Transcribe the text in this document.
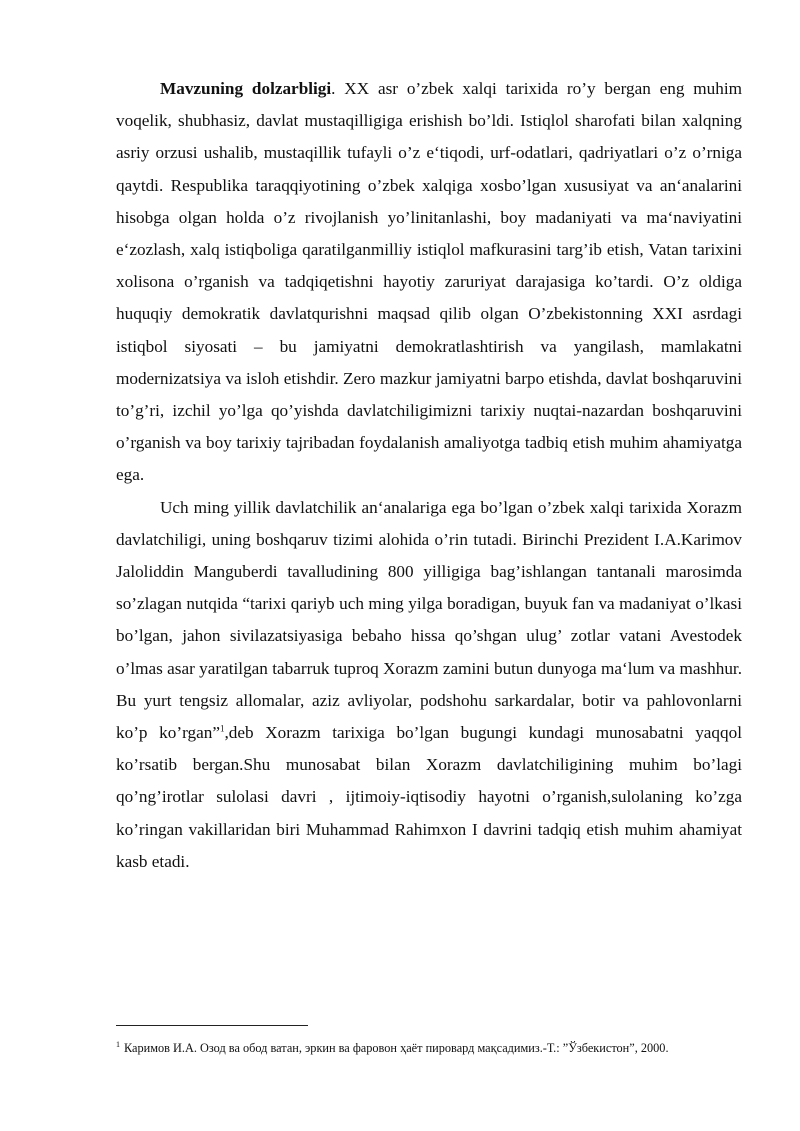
Mavzuning dolzarbligi. XX asr o’zbek xalqi tarixida ro’y bergan eng muhim voqelik, shubhasiz, davlat mustaqilligiga erishish bo’ldi. Istiqlol sharofati bilan xalqning asriy orzusi ushalib, mustaqillik tufayli o’z e‘tiqodi, urf-odatlari, qadriyatlari o’z o’rniga qaytdi. Respublika taraqqiyotining o’zbek xalqiga xosbo’lgan xususiyat va an‘analarini hisobga olgan holda o’z rivojlanish yo’linitanlashi, boy madaniyati va ma‘naviyatini e‘zozlash, xalq istiqboliga qaratilganmilliy istiqlol mafkurasini targ’ib etish, Vatan tarixini xolisona o’rganish va tadqiqetishni hayotiy zaruriyat darajasiga ko’tardi. O’z oldiga huquqiy demokratik davlatqurishni maqsad qilib olgan O’zbekistonning XXI asrdagi istiqbol siyosati – bu jamiyatni demokratlashtirish va yangilash, mamlakatni modernizatsiya va isloh etishdir. Zero mazkur jamiyatni barpo etishda, davlat boshqaruvini to’g’ri, izchil yo’lga qo’yishda davlatchiligimizni tarixiy nuqtai-nazardan boshqaruvini o’rganish va boy tarixiy tajribadan foydalanish amaliyotga tadbiq etish muhim ahamiyatga ega.

Uch ming yillik davlatchilik an‘analariga ega bo’lgan o’zbek xalqi tarixida Xorazm davlatchiligi, uning boshqaruv tizimi alohida o’rin tutadi. Birinchi Prezident I.A.Karimov Jaloliddin Manguberdi tavalludining 800 yilligiga bag’ishlangan tantanali marosimda so’zlagan nutqida “tarixi qariyb uch ming yilga boradigan, buyuk fan va madaniyat o’lkasi bo’lgan, jahon sivilazatsiyasiga bebaho hissa qo’shgan ulug’ zotlar vatani Avestodek o’lmas asar yaratilgan tabarruk tuproq Xorazm zamini butun dunyoga ma‘lum va mashhur. Bu yurt tengsiz allomalar, aziz avliyolar, podshohu sarkardalar, botir va pahlovonlarni ko’p ko’rgan”$^1$,deb Xorazm tarixiga bo’lgan bugungi kundagi munosabatni yaqqol ko’rsatib bergan.Shu munosabat bilan Xorazm davlatchiligining muhim bo’lagi qo’ng’irotlar sulolasi davri , ijtimoiy-iqtisodiy hayotni o’rganish,sulolaning ko’zga ko’ringan vakillaridan biri Muhammad Rahimxon I davrini tadqiq etish muhim ahamiyat kasb etadi.

$^1$ Каримов И.А. Озод ва обод ватан, эркин ва фаровон ҳаёт пировард мақсадимиз.-Т.: ”Ўзбекистон”, 2000.
